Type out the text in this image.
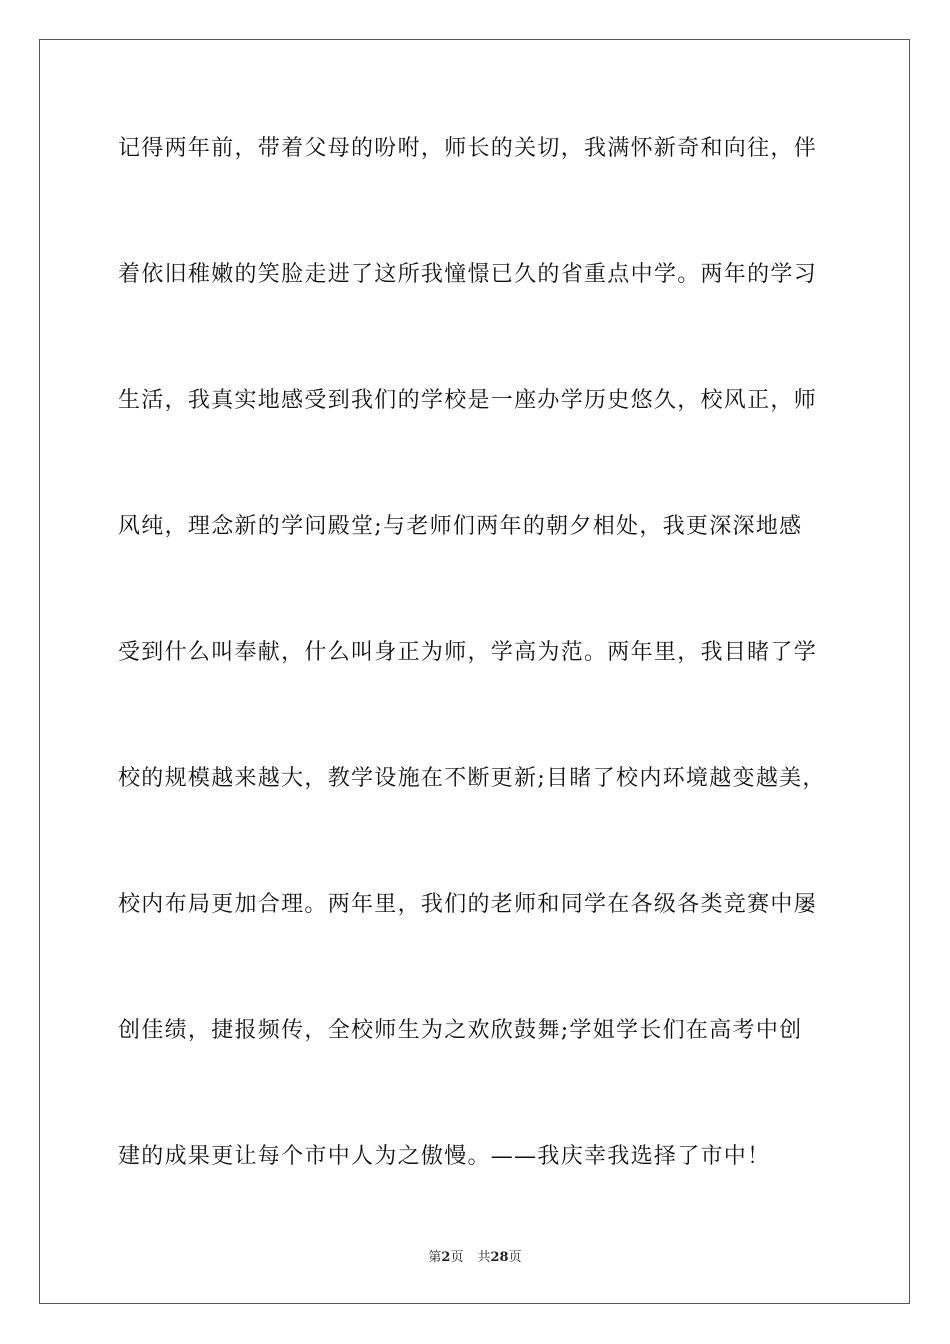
记得两年前，带着父母的吩咐，师长的关切，我满怀新奇和向往，伴
着依旧稚嫩的笑脸走进了这所我憧憬已久的省重点中学。两年的学习
生活，我真实地感受到我们的学校是一座办学历史悠久，校风正，师
风纯，理念新的学问殿堂;与老师们两年的朝夕相处，我更深深地感
受到什么叫奉献，什么叫身正为师，学高为范。两年里，我目睹了学
校的规模越来越大，教学设施在不断更新;目睹了校内环境越变越美，
校内布局更加合理。两年里，我们的老师和同学在各级各类竞赛中屡
创佳绩，捷报频传，全校师生为之欢欣鼓舞;学姐学长们在高考中创
建的成果更让每个市中人为之傲慢。——我庆幸我选择了市中！
第2页 共28页
